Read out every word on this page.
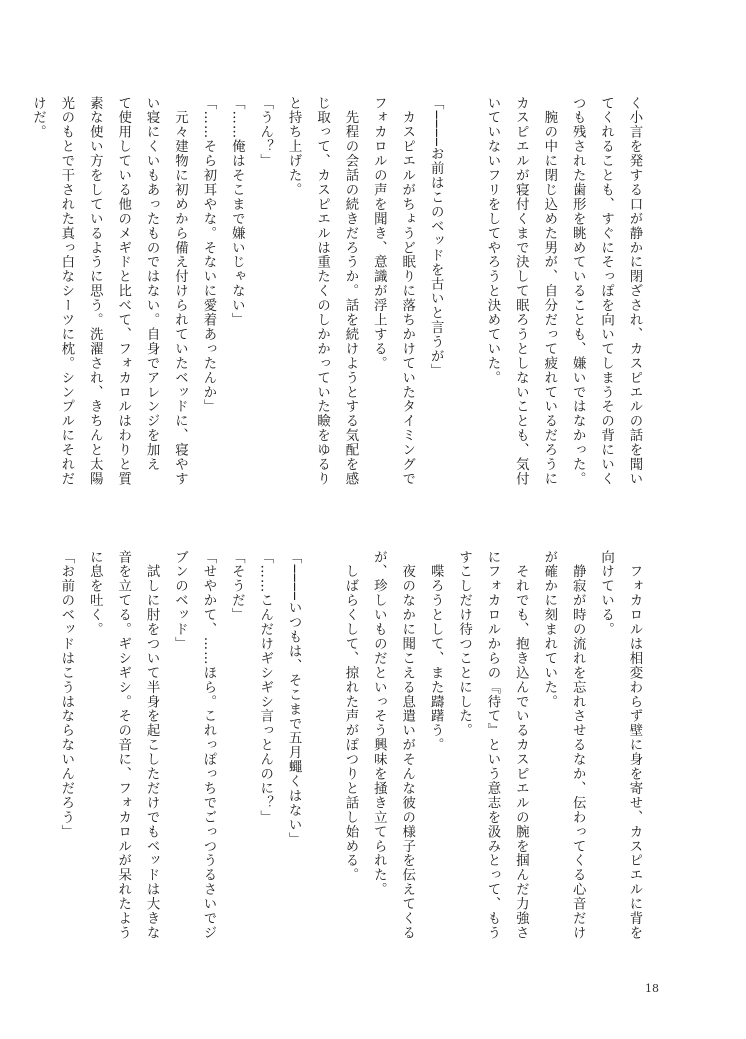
く小言を発する口が静かに閉ざされ、カスピエルの話を聞い
てくれることも、すぐにそっぽを向いてしまうその背にいく
つも残された歯形を眺めていることも、嫌いではなかった。
　腕の中に閉じ込めた男が、自分だって疲れているだろうに
カスピエルが寝付くまで決して眠ろうとしないことも、気付
いていないフリをしてやろうと決めていた。

「────お前はこのベッドを古いと言うが」
　カスピエルがちょうど眠りに落ちかけていたタイミングで
フォカロルの声を聞き、意識が浮上する。
　先程の会話の続きだろうか。話を続けようとする気配を感
じ取って、カスピエルは重たくのしかかっていた瞼をゆるり
と持ち上げた。
「うん？」
「……俺はそこまで嫌いじゃない」
「……そら初耳やな。そないに愛着あったんか」
　元々建物に初めから備え付けられていたベッドに、寝やす
い寝にくいもあったものではない。自身でアレンジを加え
て使用している他のメギドと比べて、フォカロルはわりと質
素な使い方をしているように思う。洗濯され、きちんと太陽
光のもとで干された真っ白なシーツに枕。シンプルにそれだ
けだ。
　フォカロルは相変わらず壁に身を寄せ、カスピエルに背を
向けている。
　静寂が時の流れを忘れさせるなか、伝わってくる心音だけ
が確かに刻まれていた。
　それでも、抱き込んでいるカスピエルの腕を掴んだ力強さ
にフォカロルからの『待て』という意志を汲みとって、もう
すこしだけ待つことにした。
　喋ろうとして、また躊躇う。
　夜のなかに聞こえる息遣いがそんな彼の様子を伝えてくる
が、珍しいものだといっそう興味を掻き立てられた。
　しばらくして、掠れた声がぽつりと話し始める。

「────いつもは、そこまで五月蠅くはない」
「……こんだけギシギシ言っとんのに？」
「そうだ」
「せやかて、……ほら。これっぽっちでごっつうるさいでジ
ブンのベッド」
　試しに肘をついて半身を起こしただけでもベッドは大きな
音を立てる。ギシギシ。その音に、フォカロルが呆れたよう
に息を吐く。
「お前のベッドはこうはならないんだろう」
18
